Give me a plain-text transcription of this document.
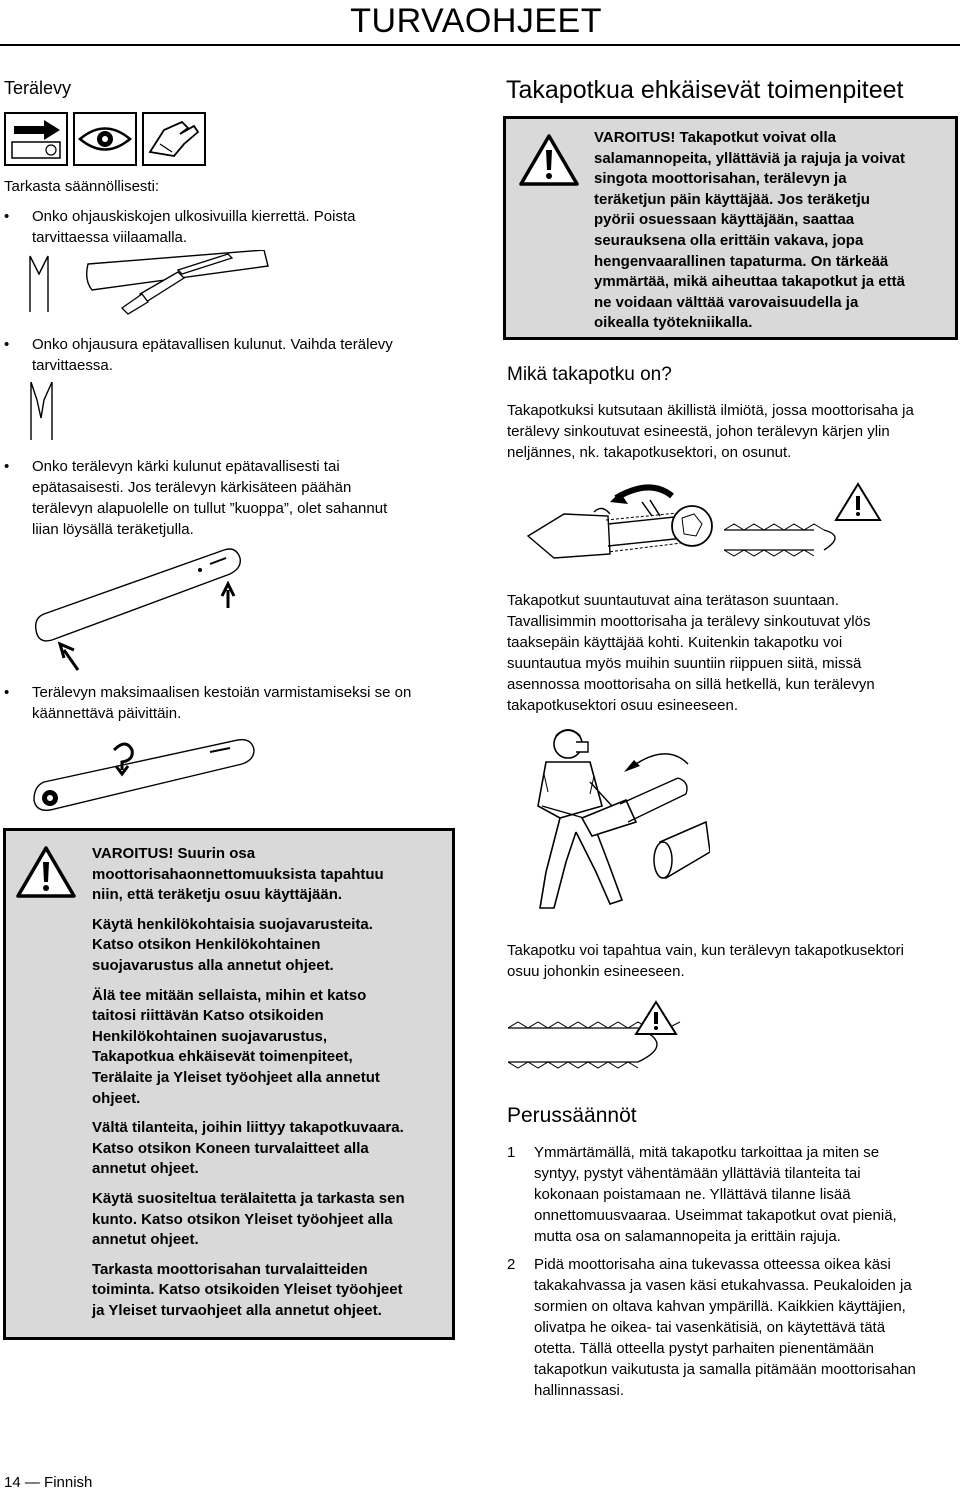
TURVAOHJEET
Terälevy
Tarkasta säännöllisesti:
• Onko ohjauskiskojen ulkosivuilla kierrettä. Poista
tarvittaessa viilaamalla.
• Onko ohjausura epätavallisen kulunut. Vaihda terälevy
tarvittaessa.
• Onko terälevyn kärki kulunut epätavallisesti tai
epätasaisesti. Jos terälevyn kärkisäteen päähän
terälevyn alapuolelle on tullut ”kuoppa”, olet sahannut
liian löysällä teräketjulla.
• Terälevyn maksimaalisen kestoiän varmistamiseksi se on
käännettävä päivittäin.
VAROITUS! Suurin osa
moottorisahaonnettomuuksista tapahtuu
niin, että teräketju osuu käyttäjään.
Käytä henkilökohtaisia suojavarusteita.
Katso otsikon Henkilökohtainen
suojavarustus alla annetut ohjeet.
Älä tee mitään sellaista, mihin et katso
taitosi riittävän Katso otsikoiden
Henkilökohtainen suojavarustus,
Takapotkua ehkäisevät toimenpiteet,
Terälaite ja Yleiset työohjeet alla annetut
ohjeet.
Vältä tilanteita, joihin liittyy takapotkuvaara.
Katso otsikon Koneen turvalaitteet alla
annetut ohjeet.
Käytä suositeltua terälaitetta ja tarkasta sen
kunto. Katso otsikon Yleiset työohjeet alla
annetut ohjeet.
Tarkasta moottorisahan turvalaitteiden
toiminta. Katso otsikoiden Yleiset työohjeet
ja Yleiset turvaohjeet alla annetut ohjeet.
Takapotkua ehkäisevät toimenpiteet
VAROITUS! Takapotkut voivat olla
salamannopeita, yllättäviä ja rajuja ja voivat
singota moottorisahan, terälevyn ja
teräketjun päin käyttäjää. Jos teräketju
pyörii osuessaan käyttäjään, saattaa
seurauksena olla erittäin vakava, jopa
hengenvaarallinen tapaturma. On tärkeää
ymmärtää, mikä aiheuttaa takapotkut ja että
ne voidaan välttää varovaisuudella ja
oikealla työtekniikalla.
Mikä takapotku on?
Takapotkuksi kutsutaan äkillistä ilmiötä, jossa moottorisaha ja
terälevy sinkoutuvat esineestä, johon terälevyn kärjen ylin
neljännes, nk. takapotkusektori, on osunut.
Takapotkut suuntautuvat aina terätason suuntaan.
Tavallisimmin moottorisaha ja terälevy sinkoutuvat ylös
taaksepäin käyttäjää kohti. Kuitenkin takapotku voi
suuntautua myös muihin suuntiin riippuen siitä, missä
asennossa moottorisaha on sillä hetkellä, kun terälevyn
takapotkusektori osuu esineeseen.
Takapotku voi tapahtua vain, kun terälevyn takapotkusektori
osuu johonkin esineeseen.
Perussäännöt
1 Ymmärtämällä, mitä takapotku tarkoittaa ja miten se
syntyy, pystyt vähentämään yllättäviä tilanteita tai
kokonaan poistamaan ne. Yllättävä tilanne lisää
onnettomuusvaaraa. Useimmat takapotkut ovat pieniä,
mutta osa on salamannopeita ja erittäin rajuja.
2 Pidä moottorisaha aina tukevassa otteessa oikea käsi
takakahvassa ja vasen käsi etukahvassa. Peukaloiden ja
sormien on oltava kahvan ympärillä. Kaikkien käyttäjien,
olivatpa he oikea- tai vasenkätisiä, on käytettävä tätä
otetta. Tällä otteella pystyt parhaiten pienentämään
takapotkun vaikutusta ja samalla pitämään moottorisahan
hallinnassasi.
14 — Finnish
